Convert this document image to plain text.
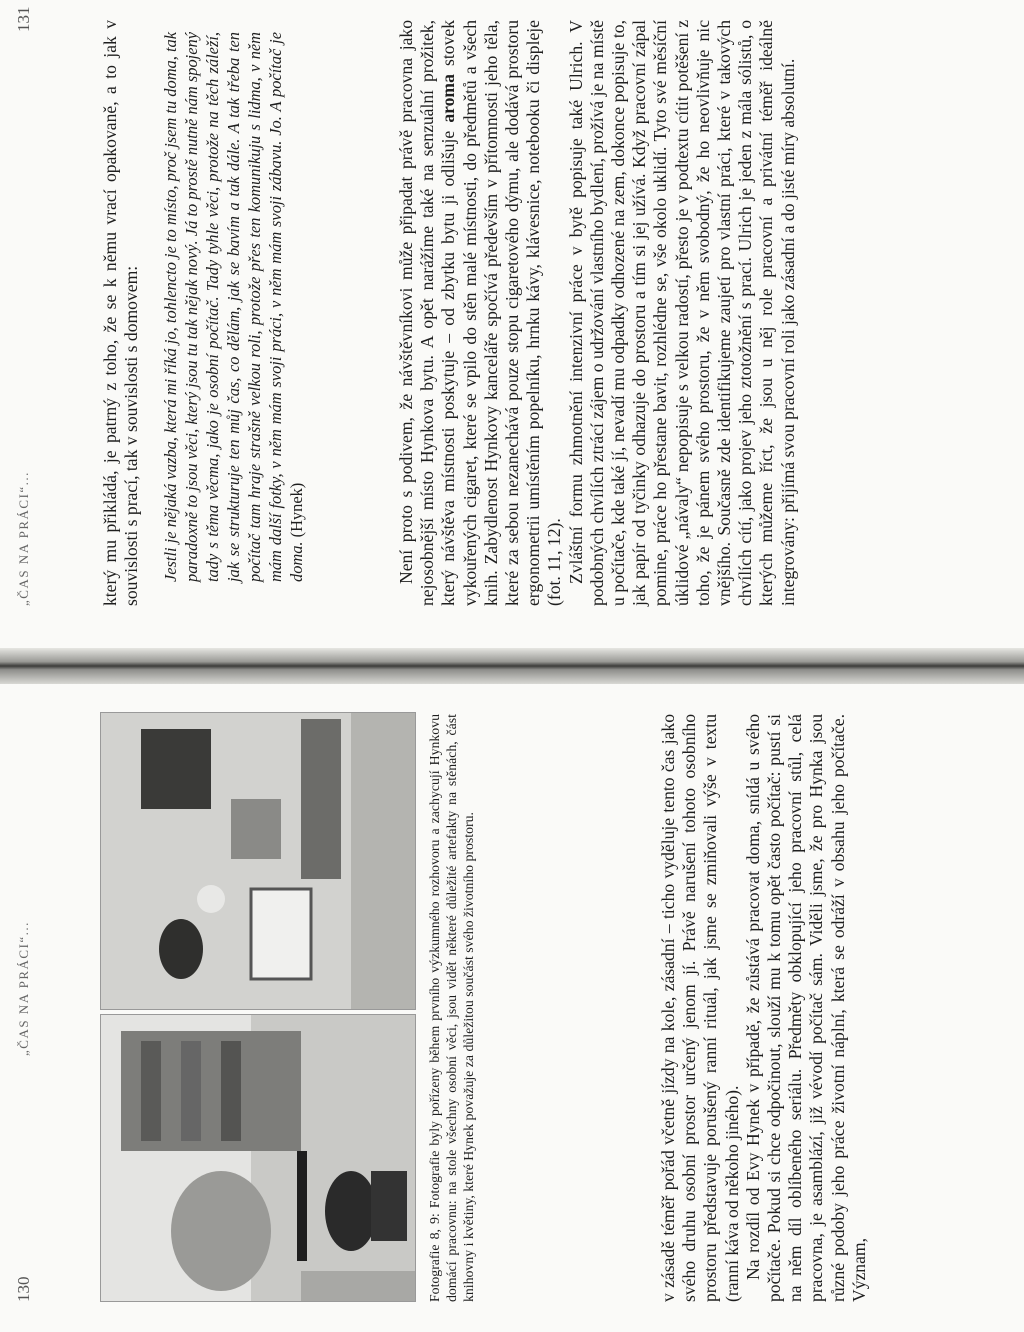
130
„ČAS NA PRÁCI“...	Fotografie 8, 9: Fotografie byly pořízeny během prvního výzkumného rozhovoru a zachycují Hynkovu domácí pracovnu: na stole všechny osobní věci, jsou vidět některé důležité artefakty na stěnách, část knihovny i květiny, které Hynek považuje za důležitou součást svého životního prostoru.	v zásadě téměř pořád včetně jízdy na kole, zásadní – ticho vyděluje tento čas jako svého druhu osobní prostor určený jenom jí. Právě narušení tohoto osobního prostoru představuje porušený ranní rituál, jak jsme se zmiňovali výše v textu (ranní káva od někoho jiného). Na rozdíl od Evy Hynek v případě, že zůstává pracovat doma, snídá u svého počítače. Pokud si chce odpočinout, slouží mu k tomu opět často počítač: pustí si na něm díl oblíbeného seriálu. Předměty obklopující jeho pracovní stůl, celá pracovna, je asamblází, již vévodí počítač sám. Viděli jsme, že pro Hynka jsou různé podoby jeho práce životní náplní, která se odráží v obsahu jeho počítače. Význam,

„ČAS NA PRÁCI“...
131
který mu přikládá, je patrný z toho, že se k němu vrací opakovaně, a to jak v souvislosti s prací, tak v souvislosti s domovem: Jestli je nějaká vazba, která mi říká jo, tohlencto je to místo, proč jsem tu doma, tak paradoxně to jsou věci, který jsou tu tak nějak nový. Já to prostě nutně nám spojený tady s těma věcma, jako je osobní počítač. Tady tyhle věci, protože na těch záleží, jak se strukturuje ten můj čas, co dělám, jak se bavím a tak dále. A tak třeba ten počítač tam hraje strašně velkou roli, protože přes ten komunikuju s lidma, v něm mám další fotky, v něm mám svoji práci, v něm mám svoji zábavu. Jo. A počítač je doma. (Hynek)	Není proto s podivem, že návštěvníkovi může připadat právě pracovna jako nejosobnější místo Hynkova bytu. A opět narážíme také na senzuální prožitek, který návštěva místnosti poskytuje – od zbytku bytu ji odlišuje aroma stovek vykouřených cigaret, které se vpilo do stěn malé místnosti, do předmětů a všech knih. Zabydlenost Hynkovy kanceláře spočívá především v přítomnosti jeho těla, které za sebou nezanechává pouze stopu cigaretového dýmu, ale dodává prostoru ergonometrii umístěním popelníku, hrnku kávy, klávesnice, notebooku či displeje (fot. 11, 12). Zvláštní formu zhmotnění intenzivní práce v bytě popisuje také Ulrich. V podobných chvílích ztrácí zájem o udržování vlastního bydlení, prožívá je na místě u počítače, kde také jí, nevadí mu odpadky odhozené na zem, dokonce popisuje to, jak papír od tyčinky odhazuje do prostoru a tím si jej užívá. Když pracovní zápal pomine, práce ho přestane bavit, rozhlédne se, vše okolo uklidí. Tyto své měsíční úklidové „návaly“ nepopisuje s velkou radostí, přesto je v podtextu cítit potěšení z toho, že je pánem svého prostoru, že v něm svobodný, že ho neovlivňuje nic vnějšího. Současně zde identifikujeme zaujetí pro vlastní práci, které v takových chvílích cítí, jako projev jeho ztotožnění s prací. Ulrich je jeden z mála sólistů, o kterých můžeme říct, že jsou u něj role pracovní a privátní téměř ideálně integrovány: přijímá svou pracovní roli jako zásadní a do jisté míry absolutní.
